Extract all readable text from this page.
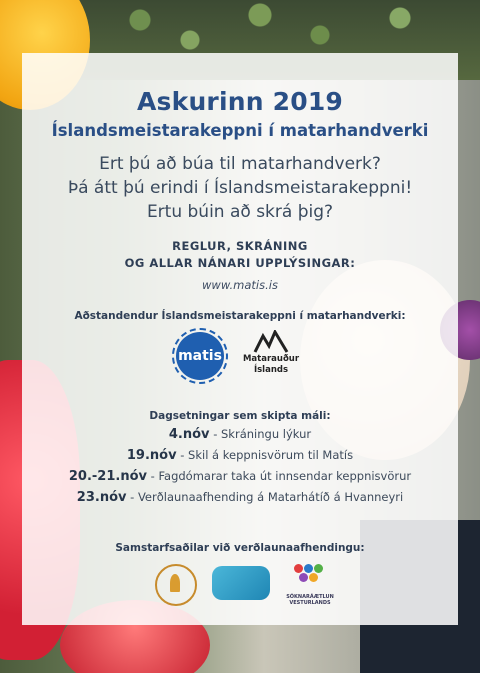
Askurinn 2019
Íslandsmeistarakeppni í matarhandverki
Ert þú að búa til matarhandverk?
Þá átt þú erindi í Íslandsmeistarakeppni!
Ertu búin að skrá þig?
REGLUR, SKRÁNING
OG ALLAR NÁNARI UPPLÝSINGAR:
www.matis.is
Aðstandendur Íslandsmeistarakeppni í matarhandverki:
matis	Matarauður
Íslands
Dagsetningar sem skipta máli:
4.nóv - Skráningu lýkur
19.nóv - Skil á keppnisvörum til Matís
20.-21.nóv - Fagdómarar taka út innsendar keppnisvörur
23.nóv - Verðlaunaafhending á Matarhátíð á Hvanneyri
Samstarfsaðilar við verðlaunaafhendingu:
SÓKNARÁÆTLUN VESTURLANDS
